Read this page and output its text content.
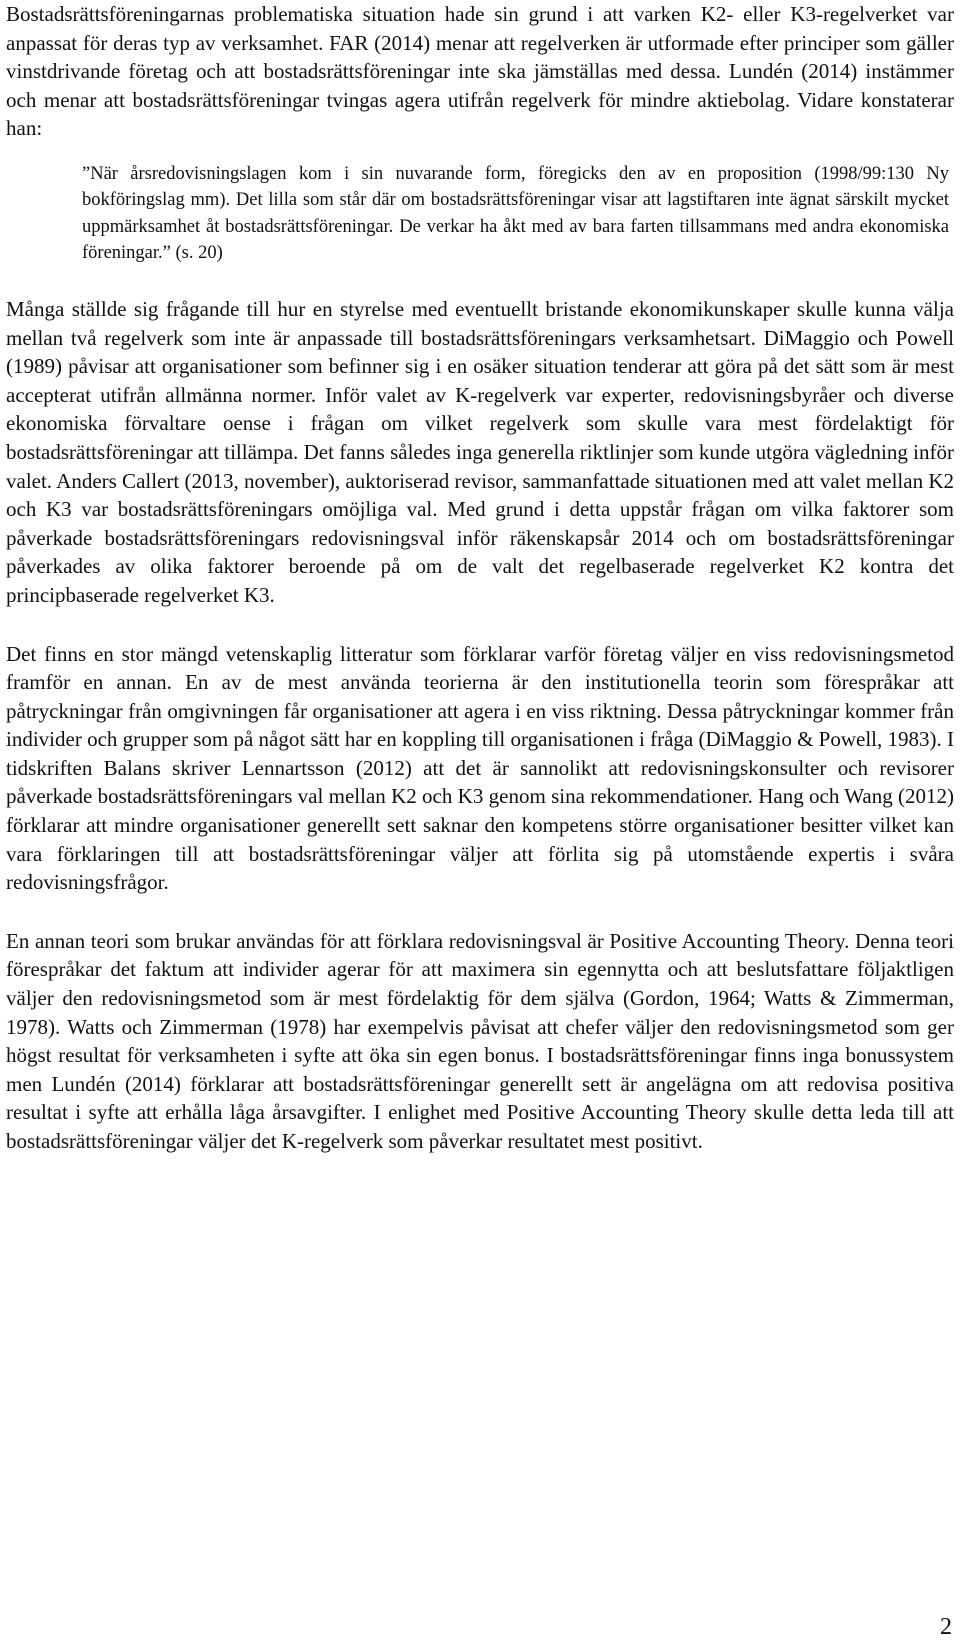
Bostadsrättsföreningarnas problematiska situation hade sin grund i att varken K2- eller K3-regelverket var anpassat för deras typ av verksamhet. FAR (2014) menar att regelverken är utformade efter principer som gäller vinstdrivande företag och att bostadsrättsföreningar inte ska jämställas med dessa. Lundén (2014) instämmer och menar att bostadsrättsföreningar tvingas agera utifrån regelverk för mindre aktiebolag. Vidare konstaterar han:

”När årsredovisningslagen kom i sin nuvarande form, föregicks den av en proposition (1998/99:130 Ny bokföringslag mm). Det lilla som står där om bostadsrättsföreningar visar att lagstiftaren inte ägnat särskilt mycket uppmärksamhet åt bostadsrättsföreningar. De verkar ha åkt med av bara farten tillsammans med andra ekonomiska föreningar.” (s. 20)

Många ställde sig frågande till hur en styrelse med eventuellt bristande ekonomikunskaper skulle kunna välja mellan två regelverk som inte är anpassade till bostadsrättsföreningars verksamhetsart. DiMaggio och Powell (1989) påvisar att organisationer som befinner sig i en osäker situation tenderar att göra på det sätt som är mest accepterat utifrån allmänna normer. Inför valet av K-regelverk var experter, redovisningsbyråer och diverse ekonomiska förvaltare oense i frågan om vilket regelverk som skulle vara mest fördelaktigt för bostadsrättsföreningar att tillämpa. Det fanns således inga generella riktlinjer som kunde utgöra vägledning inför valet. Anders Callert (2013, november), auktoriserad revisor, sammanfattade situationen med att valet mellan K2 och K3 var bostadsrättsföreningars omöjliga val. Med grund i detta uppstår frågan om vilka faktorer som påverkade bostadsrättsföreningars redovisningsval inför räkenskapsår 2014 och om bostadsrättsföreningar påverkades av olika faktorer beroende på om de valt det regelbaserade regelverket K2 kontra det principbaserade regelverket K3.

Det finns en stor mängd vetenskaplig litteratur som förklarar varför företag väljer en viss redovisningsmetod framför en annan. En av de mest använda teorierna är den institutionella teorin som förespråkar att påtryckningar från omgivningen får organisationer att agera i en viss riktning. Dessa påtryckningar kommer från individer och grupper som på något sätt har en koppling till organisationen i fråga (DiMaggio & Powell, 1983). I tidskriften Balans skriver Lennartsson (2012) att det är sannolikt att redovisningskonsulter och revisorer påverkade bostadsrättsföreningars val mellan K2 och K3 genom sina rekommendationer. Hang och Wang (2012) förklarar att mindre organisationer generellt sett saknar den kompetens större organisationer besitter vilket kan vara förklaringen till att bostadsrättsföreningar väljer att förlita sig på utomstående expertis i svåra redovisningsfrågor.

En annan teori som brukar användas för att förklara redovisningsval är Positive Accounting Theory. Denna teori förespråkar det faktum att individer agerar för att maximera sin egennytta och att beslutsfattare följaktligen väljer den redovisningsmetod som är mest fördelaktig för dem själva (Gordon, 1964; Watts & Zimmerman, 1978). Watts och Zimmerman (1978) har exempelvis påvisat att chefer väljer den redovisningsmetod som ger högst resultat för verksamheten i syfte att öka sin egen bonus. I bostadsrättsföreningar finns inga bonussystem men Lundén (2014) förklarar att bostadsrättsföreningar generellt sett är angelägna om att redovisa positiva resultat i syfte att erhålla låga årsavgifter. I enlighet med Positive Accounting Theory skulle detta leda till att bostadsrättsföreningar väljer det K-regelverk som påverkar resultatet mest positivt.

2
